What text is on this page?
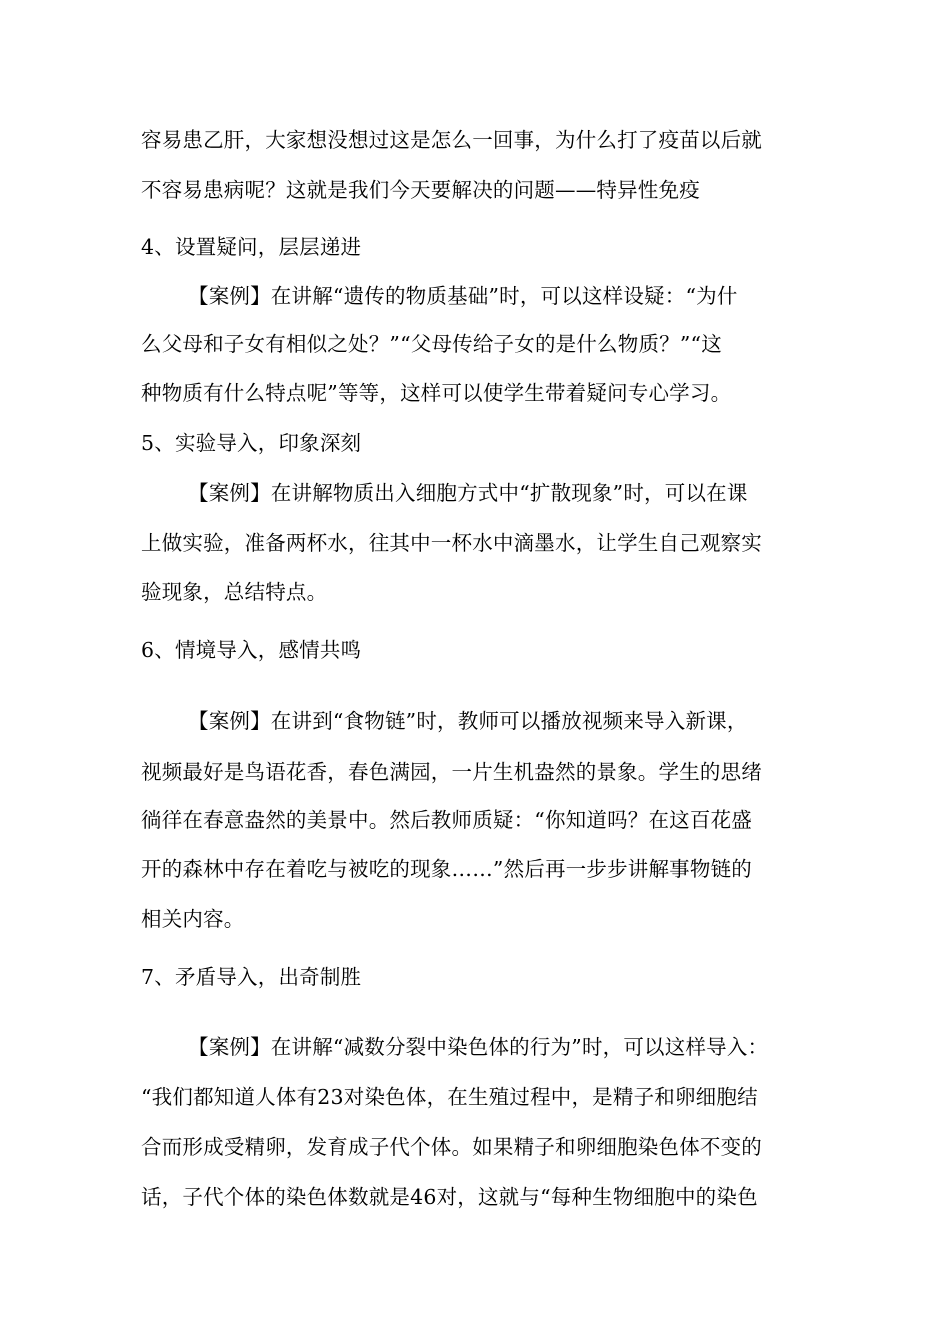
容易患乙肝，大家想没想过这是怎么一回事，为什么打了疫苗以后就
不容易患病呢？这就是我们今天要解决的问题——特异性免疫
4、设置疑问，层层递进
【案例】在讲解“遗传的物质基础”时，可以这样设疑：“为什
么父母和子女有相似之处？”“父母传给子女的是什么物质？”“这
种物质有什么特点呢”等等，这样可以使学生带着疑问专心学习。
5、实验导入，印象深刻
【案例】在讲解物质出入细胞方式中“扩散现象”时，可以在课
上做实验，准备两杯水，往其中一杯水中滴墨水，让学生自己观察实
验现象，总结特点。
6、情境导入，感情共鸣
【案例】在讲到“食物链”时，教师可以播放视频来导入新课，
视频最好是鸟语花香，春色满园，一片生机盎然的景象。学生的思绪
徜徉在春意盎然的美景中。然后教师质疑：“你知道吗？在这百花盛
开的森林中存在着吃与被吃的现象……”然后再一步步讲解事物链的
相关内容。
7、矛盾导入，出奇制胜
【案例】在讲解“减数分裂中染色体的行为”时，可以这样导入：
“我们都知道人体有23对染色体，在生殖过程中，是精子和卵细胞结
合而形成受精卵，发育成子代个体。如果精子和卵细胞染色体不变的
话，子代个体的染色体数就是46对，这就与“每种生物细胞中的染色
